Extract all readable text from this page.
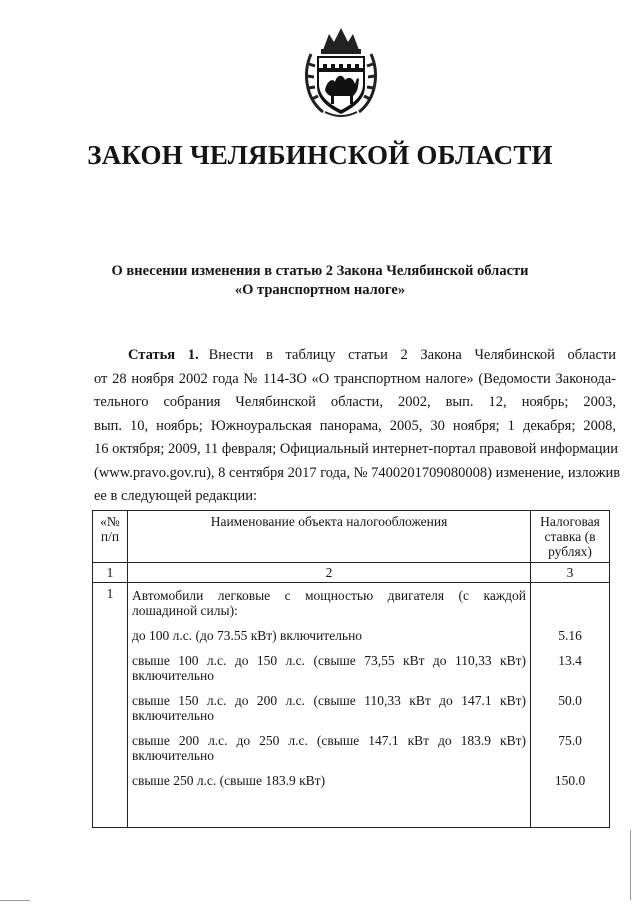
ЗАКОН ЧЕЛЯБИНСКОЙ ОБЛАСТИ
О внесении изменения в статью 2 Закона Челябинской области
«О транспортном налоге»
Статья 1. Внести в таблицу статьи 2 Закона Челябинской области
от 28 ноября 2002 года № 114-ЗО «О транспортном налоге» (Ведомости Законода-
тельного собрания Челябинской области, 2002, вып. 12, ноябрь; 2003,
вып. 10, ноябрь; Южноуральская панорама, 2005, 30 ноября; 1 декабря; 2008,
16 октября; 2009, 11 февраля; Официальный интернет-портал правовой информации
(www.pravo.gov.ru), 8 сентября 2017 года, № 7400201709080008) изменение, изложив
ее в следующей редакции:
«№ п/п	Наименование объекта налогообложения	Налоговая ставка (в рублях)
1	2	3
1	Автомобили легковые с мощностью двигателя (с каждой лошадиной силы):	
	до 100 л.с. (до 73.55 кВт) включительно	5.16
	свыше 100 л.с. до 150 л.с. (свыше 73,55 кВт до 110,33 кВт) включительно	13.4
	свыше 150 л.с. до 200 л.с. (свыше 110,33 кВт до 147.1 кВт) включительно	50.0
	свыше 200 л.с. до 250 л.с. (свыше 147.1 кВт до 183.9 кВт) включительно	75.0
	свыше 250 л.с. (свыше 183.9 кВт)	150.0
